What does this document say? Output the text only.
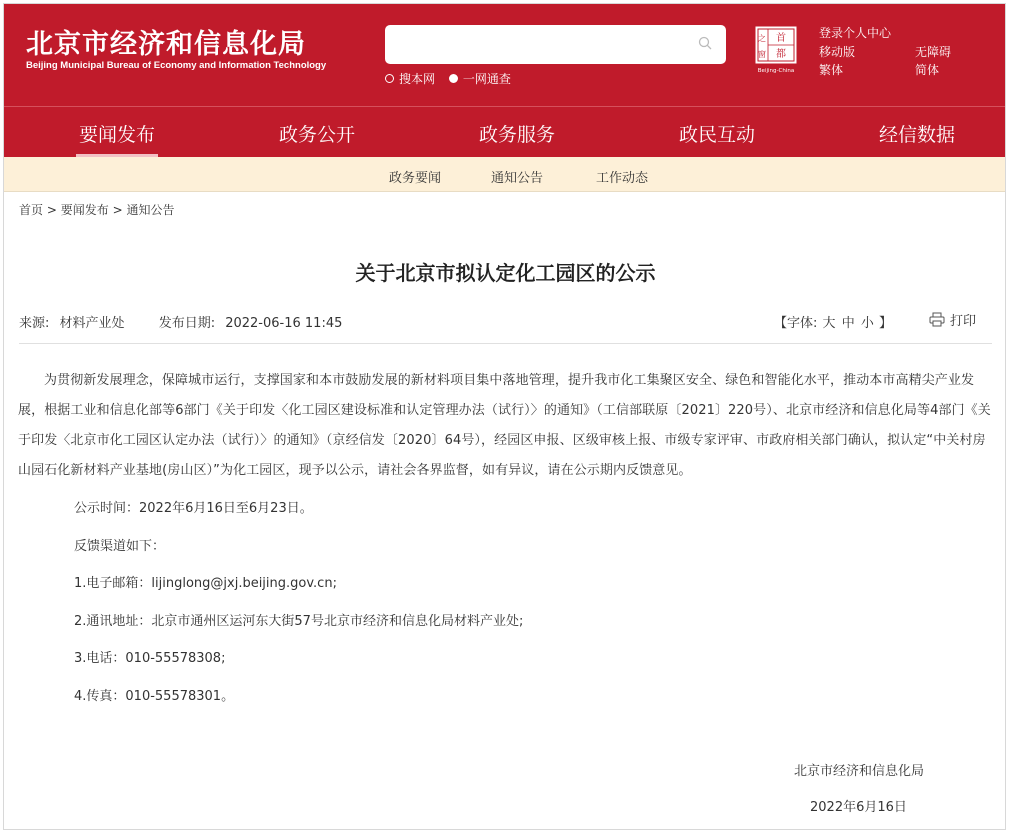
北京市经济和信息化局
Beijing Municipal Bureau of Economy and Information Technology
搜本网
一网通查
首
都
之
窗
Beijing-China
登录个人中心
移动版	无障碍
繁体	简体
要闻发布	政务公开	政务服务	政民互动	经信数据
政务要闻	通知公告	工作动态
首页 > 要闻发布 > 通知公告
关于北京市拟认定化工园区的公示
来源: 材料产业处	发布日期: 2022-06-16 11:45	【字体: 大 中 小 】	打印

为贯彻新发展理念，保障城市运行，支撑国家和本市鼓励发展的新材料项目集中落地管理，提升我市化工集聚区安全、绿色和智能化水平，推动本市高精尖产业发展，根据工业和信息化部等6部门《关于印发〈化工园区建设标准和认定管理办法（试行）〉的通知》（工信部联原〔2021〕220号）、北京市经济和信息化局等4部门《关于印发〈北京市化工园区认定办法（试行）〉的通知》（京经信发〔2020〕64号），经园区申报、区级审核上报、市级专家评审、市政府相关部门确认，拟认定“中关村房山园石化新材料产业基地(房山区）”为化工园区，现予以公示，请社会各界监督，如有异议，请在公示期内反馈意见。

公示时间：2022年6月16日至6月23日。
反馈渠道如下：
1.电子邮箱：lijinglong@jxj.beijing.gov.cn;
2.通讯地址：北京市通州区运河东大街57号北京市经济和信息化局材料产业处;
3.电话：010-55578308;
4.传真：010-55578301。
北京市经济和信息化局
2022年6月16日
